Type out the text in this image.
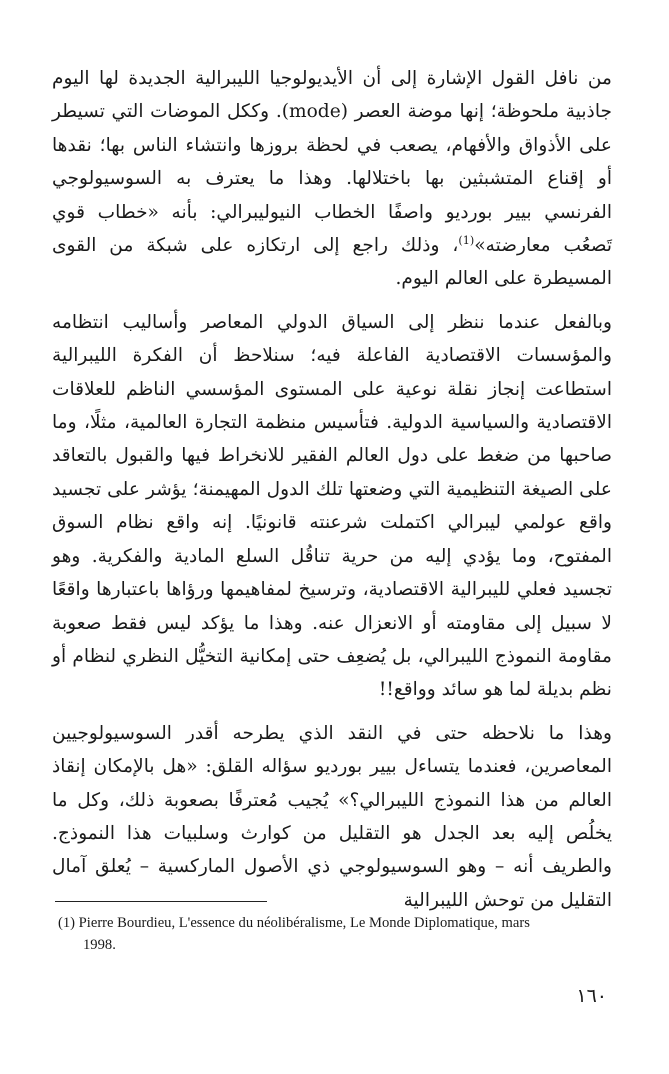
من نافل القول الإشارة إلى أن الأيديولوجيا الليبرالية الجديدة لها اليوم جاذبية ملحوظة؛ إنها موضة العصر (mode). وككل الموضات التي تسيطر على الأذواق والأفهام، يصعب في لحظة بروزها وانتشاء الناس بها؛ نقدها أو إقناع المتشبثين بها باختلالها. وهذا ما يعترف به السوسيولوجي الفرنسي بيير بورديو واصفًا الخطاب النيوليبرالي: بأنه «خطاب قوي تَصعُب معارضته»$^{(1)}$، وذلك راجع إلى ارتكازه على شبكة من القوى المسيطرة على العالم اليوم.

وبالفعل عندما ننظر إلى السياق الدولي المعاصر وأساليب انتظامه والمؤسسات الاقتصادية الفاعلة فيه؛ سنلاحظ أن الفكرة الليبرالية استطاعت إنجاز نقلة نوعية على المستوى المؤسسي الناظم للعلاقات الاقتصادية والسياسية الدولية. فتأسيس منظمة التجارة العالمية، مثلًا، وما صاحبها من ضغط على دول العالم الفقير للانخراط فيها والقبول بالتعاقد على الصيغة التنظيمية التي وضعتها تلك الدول المهيمنة؛ يؤشر على تجسيد واقع عولمي ليبرالي اكتملت شرعنته قانونيًا. إنه واقع نظام السوق المفتوح، وما يؤدي إليه من حرية تناقُل السلع المادية والفكرية. وهو تجسيد فعلي لليبرالية الاقتصادية، وترسيخ لمفاهيمها ورؤاها باعتبارها واقعًا لا سبيل إلى مقاومته أو الانعزال عنه. وهذا ما يؤكد ليس فقط صعوبة مقاومة النموذج الليبرالي، بل يُضعِف حتى إمكانية التخيُّل النظري لنظام أو نظم بديلة لما هو سائد وواقع!!

وهذا ما نلاحظه حتى في النقد الذي يطرحه أقدر السوسيولوجيين المعاصرين، فعندما يتساءل بيير بورديو سؤاله القلق: «هل بالإمكان إنقاذ العالم من هذا النموذج الليبرالي؟» يُجيب مُعترفًا بصعوبة ذلك، وكل ما يخلُص إليه بعد الجدل هو التقليل من كوارث وسلبيات هذا النموذج. والطريف أنه – وهو السوسيولوجي ذي الأصول الماركسية – يُعلق آمال التقليل من توحش الليبرالية

(1) Pierre Bourdieu, L'essence du néolibéralisme, Le Monde Diplomatique, mars
1998.
١٦٠
